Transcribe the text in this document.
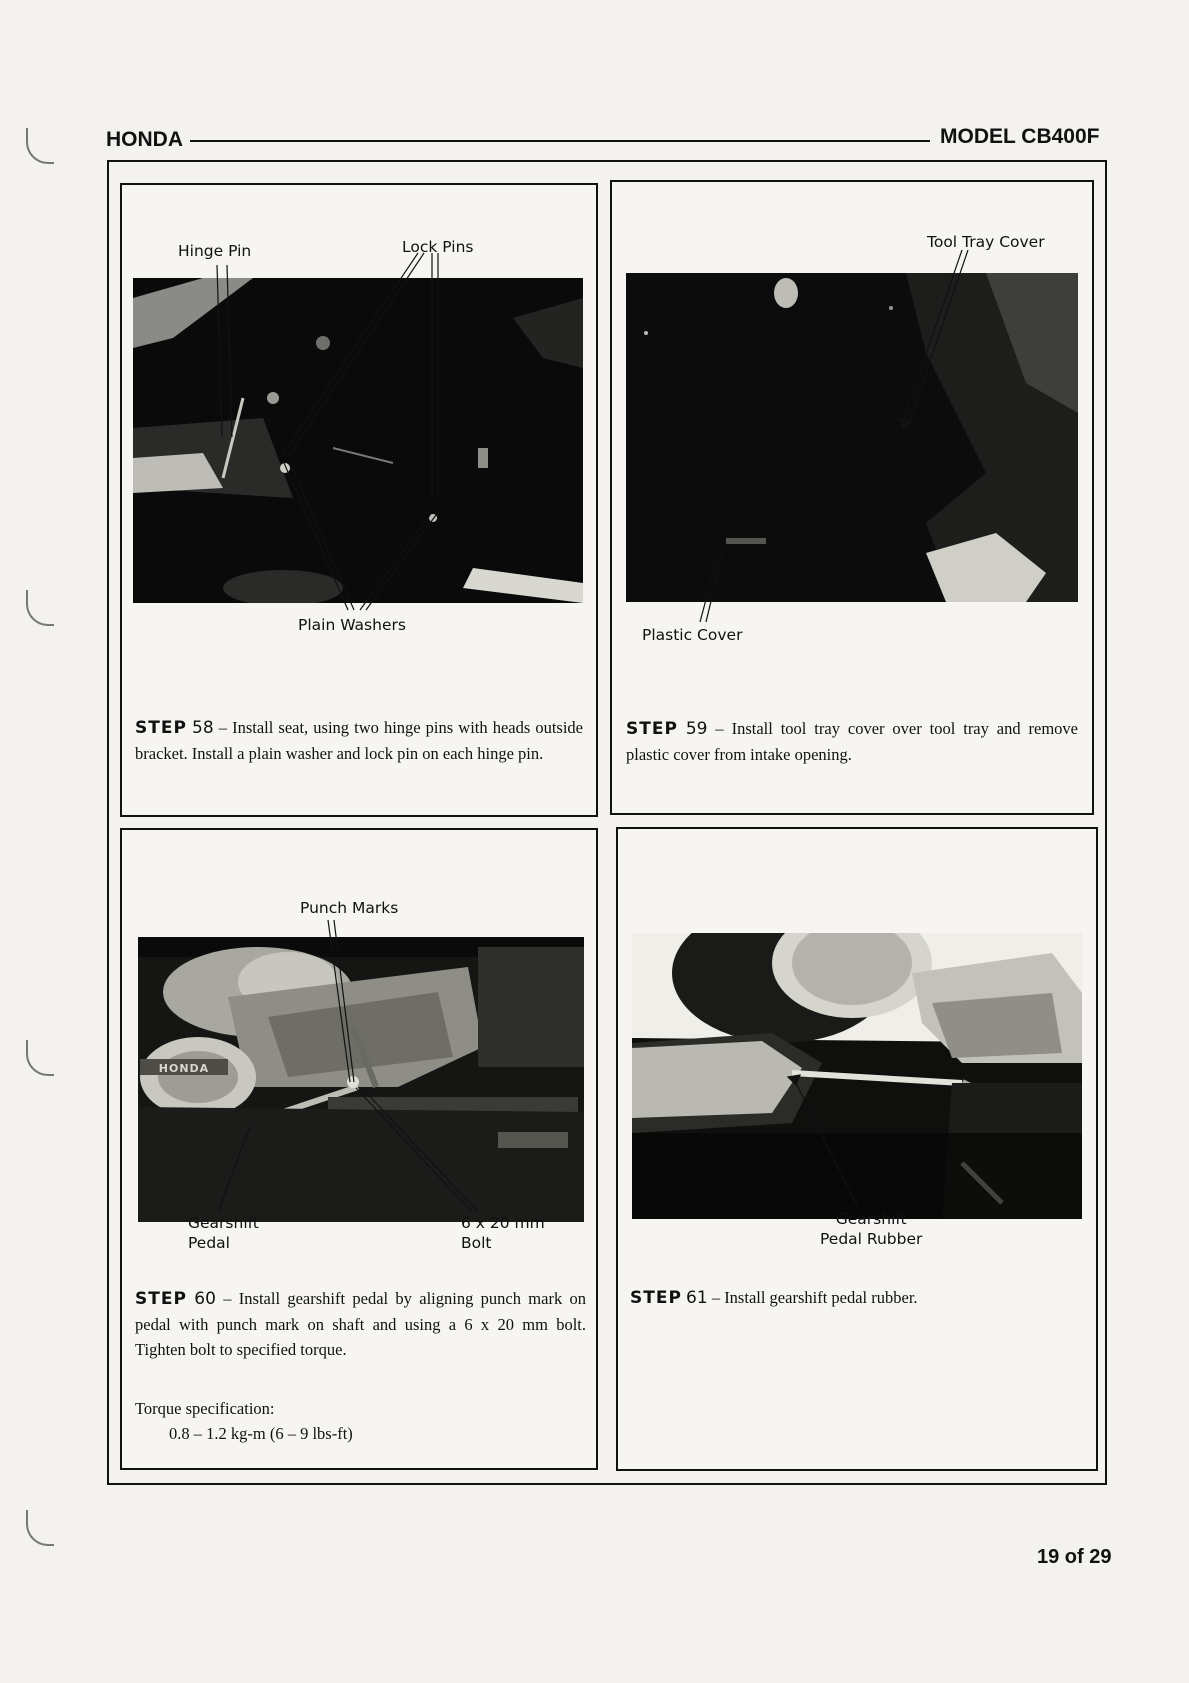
HONDA	MODEL CB400F
Hinge Pin	Lock Pins
Plain Washers
STEP 58 – Install seat, using two hinge pins with heads outside bracket. Install a plain washer and lock pin on each hinge pin.
Tool Tray Cover
Plastic Cover
STEP 59 – Install tool tray cover over tool tray and remove plastic cover from intake opening.
Punch Marks
HONDA
Gearshift
Pedal
6 x 20 mm
Bolt
STEP 60 – Install gearshift pedal by aligning punch mark on pedal with punch mark on shaft and using a 6 x 20 mm bolt. Tighten bolt to specified torque.
Torque specification:
0.8 – 1.2 kg-m (6 – 9 lbs-ft)
Gearshift
Pedal Rubber
STEP 61 – Install gearshift pedal rubber.
19 of 29
